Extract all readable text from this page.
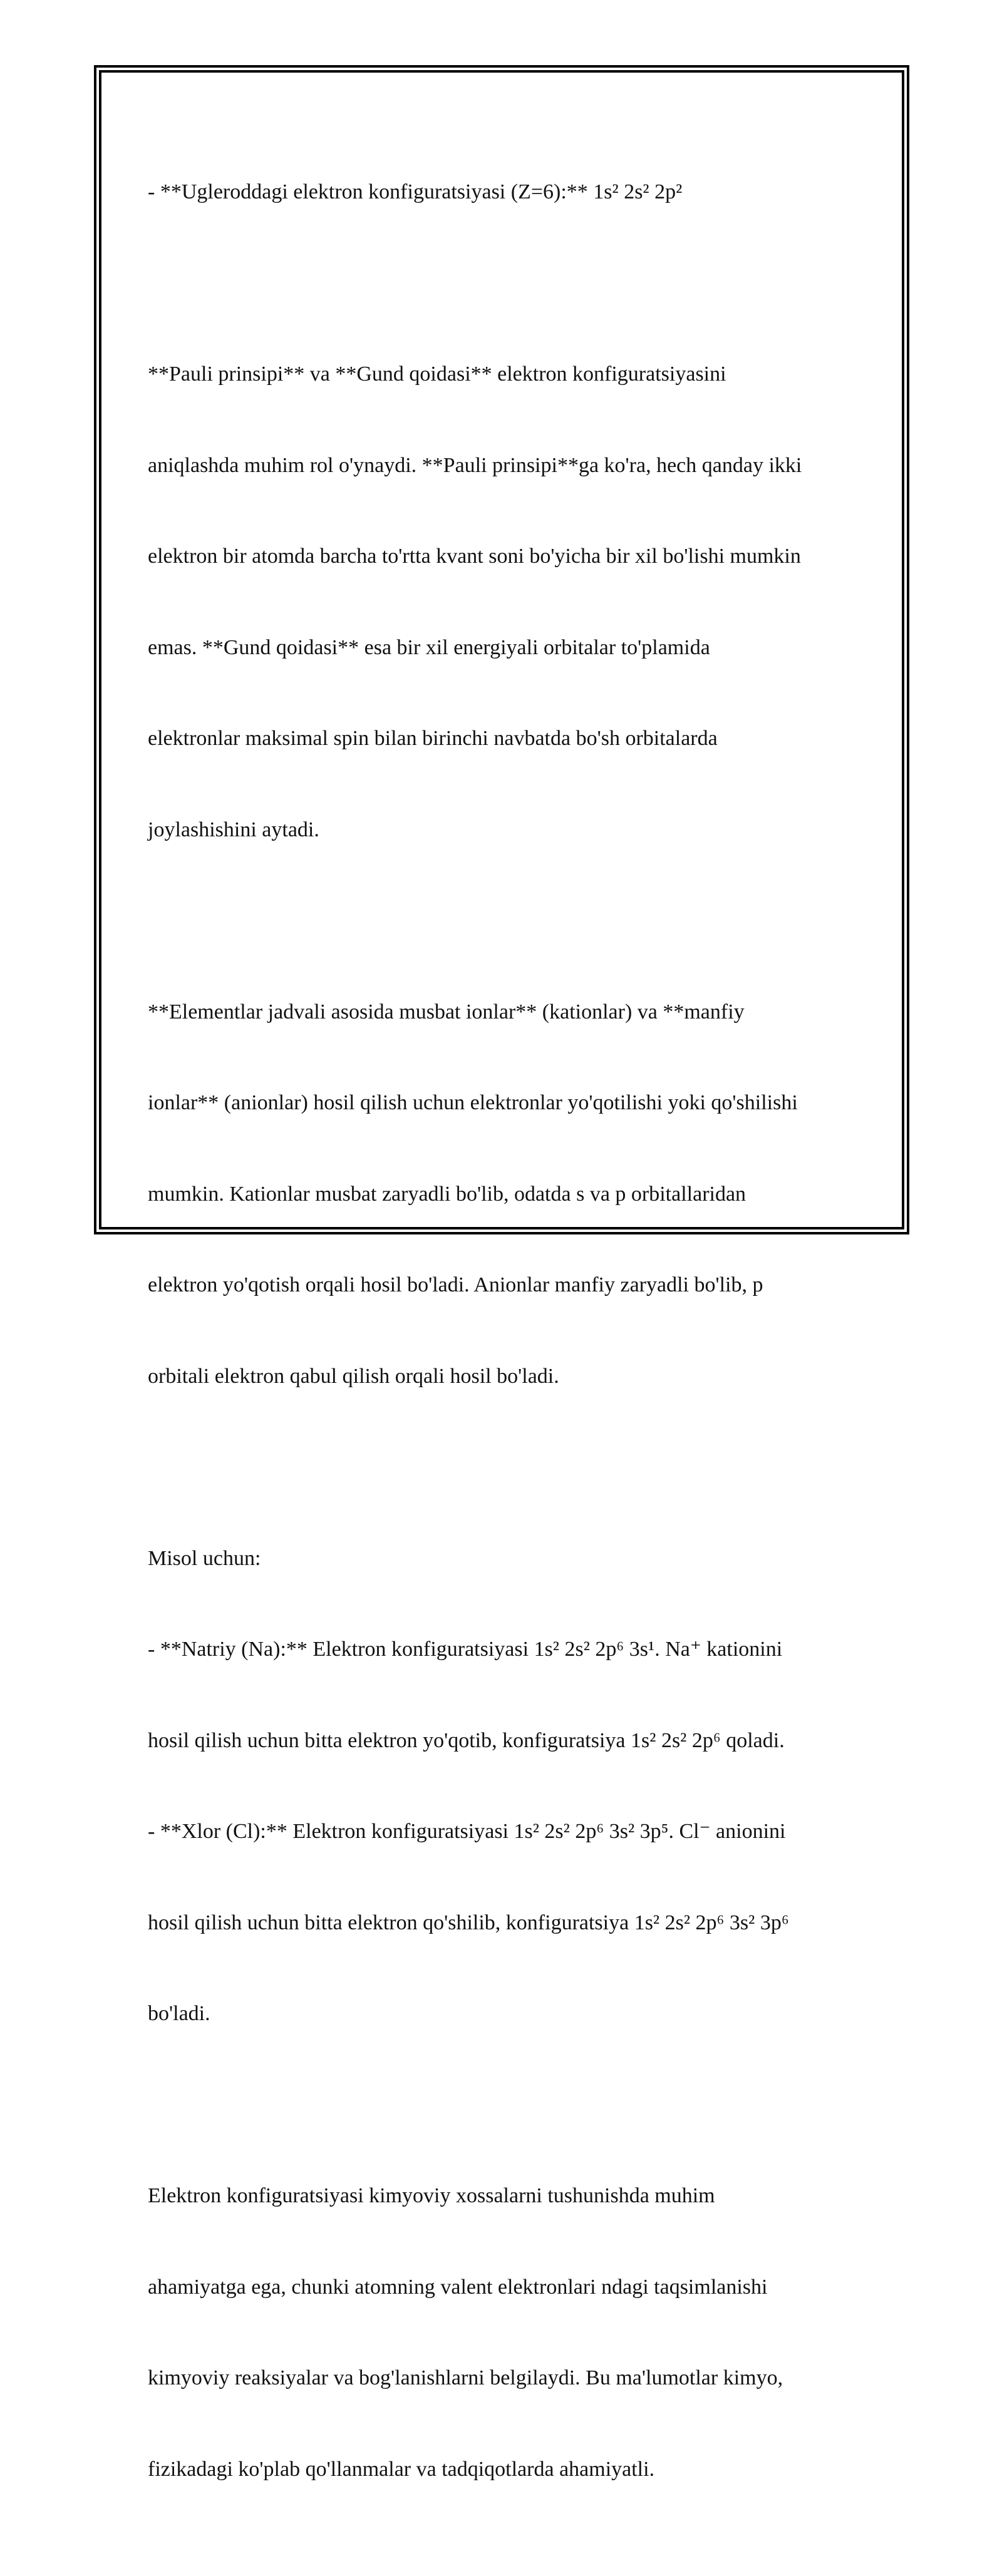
- **Ugleroddagi elektron konfiguratsiyasi (Z=6):** 1s² 2s² 2p²

**Pauli prinsipi** va **Gund qoidasi** elektron konfiguratsiyasini

aniqlashda muhim rol o'ynaydi. **Pauli prinsipi**ga ko'ra, hech qanday ikki

elektron bir atomda barcha to'rtta kvant soni bo'yicha bir xil bo'lishi mumkin

emas. **Gund qoidasi** esa bir xil energiyali orbitalar to'plamida

elektronlar maksimal spin bilan birinchi navbatda bo'sh orbitalarda

joylashishini aytadi.

**Elementlar jadvali asosida musbat ionlar** (kationlar) va **manfiy

ionlar** (anionlar) hosil qilish uchun elektronlar yo'qotilishi yoki qo'shilishi

mumkin. Kationlar musbat zaryadli bo'lib, odatda s va p orbitallaridan

elektron yo'qotish orqali hosil bo'ladi. Anionlar manfiy zaryadli bo'lib, p

orbitali elektron qabul qilish orqali hosil bo'ladi.

Misol uchun:

- **Natriy (Na):** Elektron konfiguratsiyasi 1s² 2s² 2p⁶ 3s¹. Na⁺ kationini

hosil qilish uchun bitta elektron yo'qotib, konfiguratsiya 1s² 2s² 2p⁶ qoladi.

- **Xlor (Cl):** Elektron konfiguratsiyasi 1s² 2s² 2p⁶ 3s² 3p⁵. Cl⁻ anionini

hosil qilish uchun bitta elektron qo'shilib, konfiguratsiya 1s² 2s² 2p⁶ 3s² 3p⁶

bo'ladi.

Elektron konfiguratsiyasi kimyoviy xossalarni tushunishda muhim

ahamiyatga ega, chunki atomning valent elektronlari ndagi taqsimlanishi

kimyoviy reaksiyalar va bog'lanishlarni belgilaydi. Bu ma'lumotlar kimyo,

fizikadagi ko'plab qo'llanmalar va tadqiqotlarda ahamiyatli.
